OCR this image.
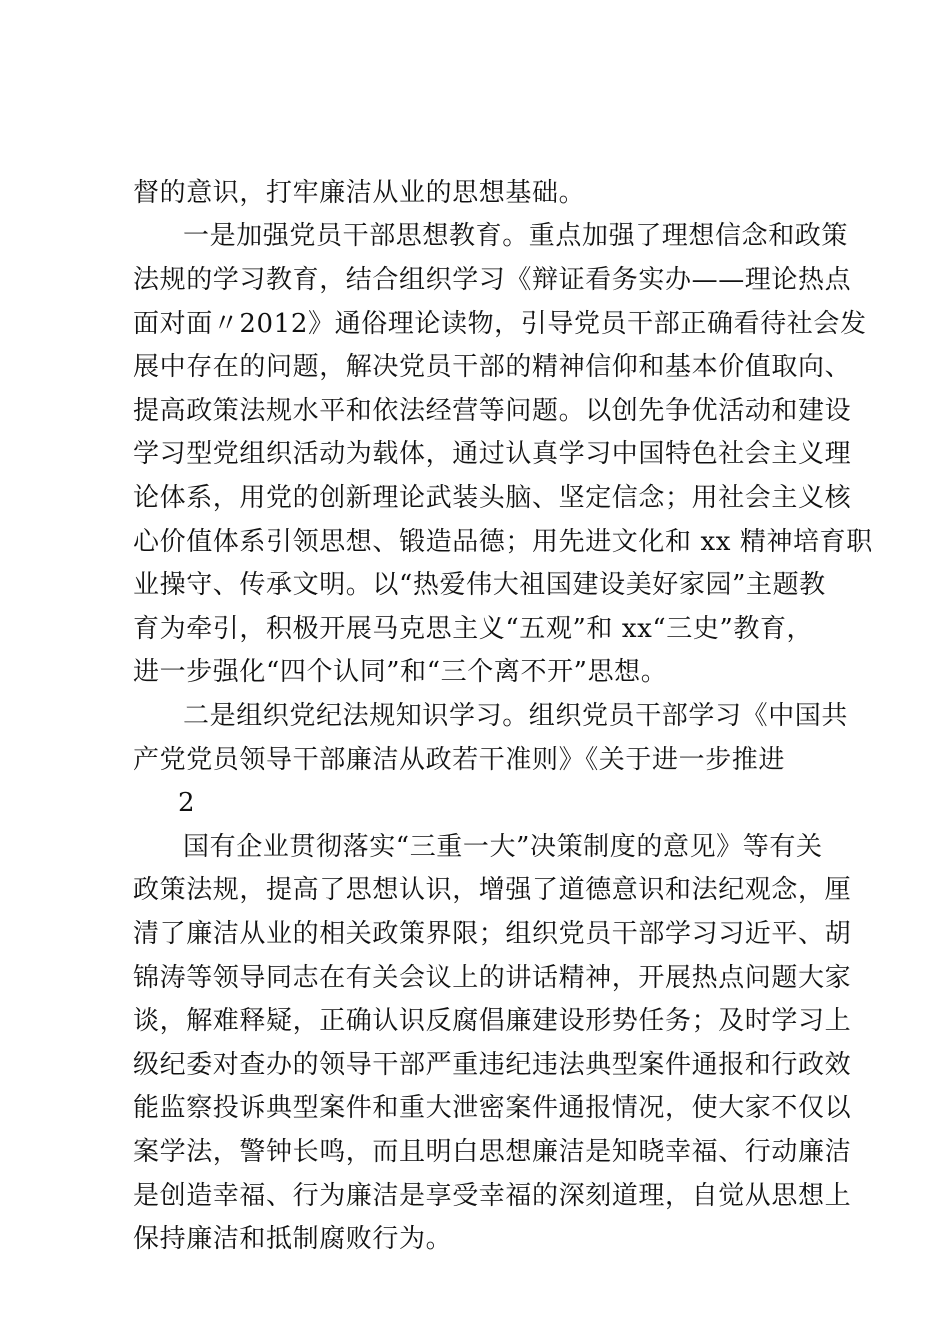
督的意识，打牢廉洁从业的思想基础。
一是加强党员干部思想教育。重点加强了理想信念和政策
法规的学习教育，结合组织学习《辩证看务实办——理论热点
面对面〃2012》通俗理论读物，引导党员干部正确看待社会发
展中存在的问题，解决党员干部的精神信仰和基本价值取向、
提高政策法规水平和依法经营等问题。以创先争优活动和建设
学习型党组织活动为载体，通过认真学习中国特色社会主义理
论体系，用党的创新理论武装头脑、坚定信念；用社会主义核
心价值体系引领思想、锻造品德；用先进文化和 xx 精神培育职
业操守、传承文明。以“热爱伟大祖国建设美好家园”主题教
育为牵引，积极开展马克思主义“五观”和 xx“三史”教育，
进一步强化“四个认同”和“三个离不开”思想。
二是组织党纪法规知识学习。组织党员干部学习《中国共
产党党员领导干部廉洁从政若干准则》《关于进一步推进
2
国有企业贯彻落实“三重一大”决策制度的意见》等有关
政策法规，提高了思想认识，增强了道德意识和法纪观念，厘
清了廉洁从业的相关政策界限；组织党员干部学习习近平、胡
锦涛等领导同志在有关会议上的讲话精神，开展热点问题大家
谈，解难释疑，正确认识反腐倡廉建设形势任务；及时学习上
级纪委对查办的领导干部严重违纪违法典型案件通报和行政效
能监察投诉典型案件和重大泄密案件通报情况，使大家不仅以
案学法，警钟长鸣，而且明白思想廉洁是知晓幸福、行动廉洁
是创造幸福、行为廉洁是享受幸福的深刻道理，自觉从思想上
保持廉洁和抵制腐败行为。
